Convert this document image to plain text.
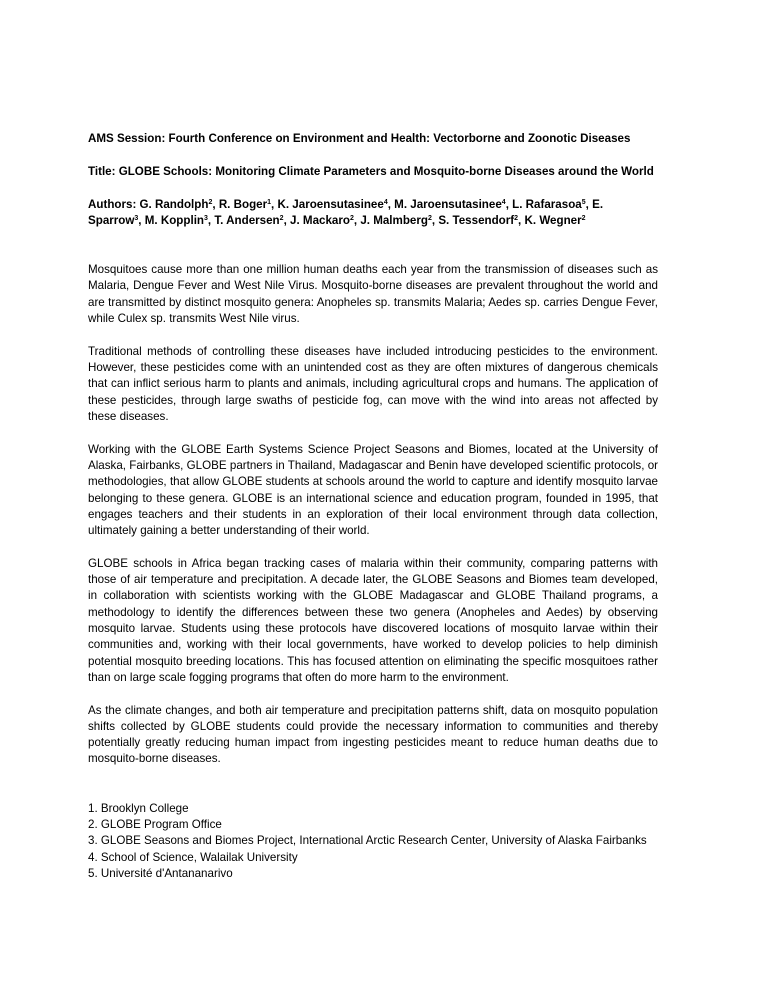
AMS Session: Fourth Conference on Environment and Health: Vectorborne and Zoonotic Diseases

Title: GLOBE Schools: Monitoring Climate Parameters and Mosquito-borne Diseases around the World

Authors: G. Randolph$^2$, R. Boger$^1$, K. Jaroensutasinee$^4$, M. Jaroensutasinee$^4$, L. Rafarasoa$^5$, E. Sparrow$^3$, M. Kopplin$^3$, T. Andersen$^2$, J. Mackaro$^2$, J. Malmberg$^2$, S. Tessendorf$^2$, K. Wegner$^2$

Mosquitoes cause more than one million human deaths each year from the transmission of diseases such as Malaria, Dengue Fever and West Nile Virus. Mosquito-borne diseases are prevalent throughout the world and are transmitted by distinct mosquito genera: Anopheles sp. transmits Malaria; Aedes sp. carries Dengue Fever, while Culex sp. transmits West Nile virus.

Traditional methods of controlling these diseases have included introducing pesticides to the environment. However, these pesticides come with an unintended cost as they are often mixtures of dangerous chemicals that can inflict serious harm to plants and animals, including agricultural crops and humans. The application of these pesticides, through large swaths of pesticide fog, can move with the wind into areas not affected by these diseases.

Working with the GLOBE Earth Systems Science Project Seasons and Biomes, located at the University of Alaska, Fairbanks, GLOBE partners in Thailand, Madagascar and Benin have developed scientific protocols, or methodologies, that allow GLOBE students at schools around the world to capture and identify mosquito larvae belonging to these genera. GLOBE is an international science and education program, founded in 1995, that engages teachers and their students in an exploration of their local environment through data collection, ultimately gaining a better understanding of their world.

GLOBE schools in Africa began tracking cases of malaria within their community, comparing patterns with those of air temperature and precipitation. A decade later, the GLOBE Seasons and Biomes team developed, in collaboration with scientists working with the GLOBE Madagascar and GLOBE Thailand programs, a methodology to identify the differences between these two genera (Anopheles and Aedes) by observing mosquito larvae. Students using these protocols have discovered locations of mosquito larvae within their communities and, working with their local governments, have worked to develop policies to help diminish potential mosquito breeding locations. This has focused attention on eliminating the specific mosquitoes rather than on large scale fogging programs that often do more harm to the environment.

As the climate changes, and both air temperature and precipitation patterns shift, data on mosquito population shifts collected by GLOBE students could provide the necessary information to communities and thereby potentially greatly reducing human impact from ingesting pesticides meant to reduce human deaths due to mosquito-borne diseases.

1. Brooklyn College

2. GLOBE Program Office

3. GLOBE Seasons and Biomes Project, International Arctic Research Center, University of Alaska Fairbanks

4. School of Science, Walailak University

5. Université d'Antananarivo
